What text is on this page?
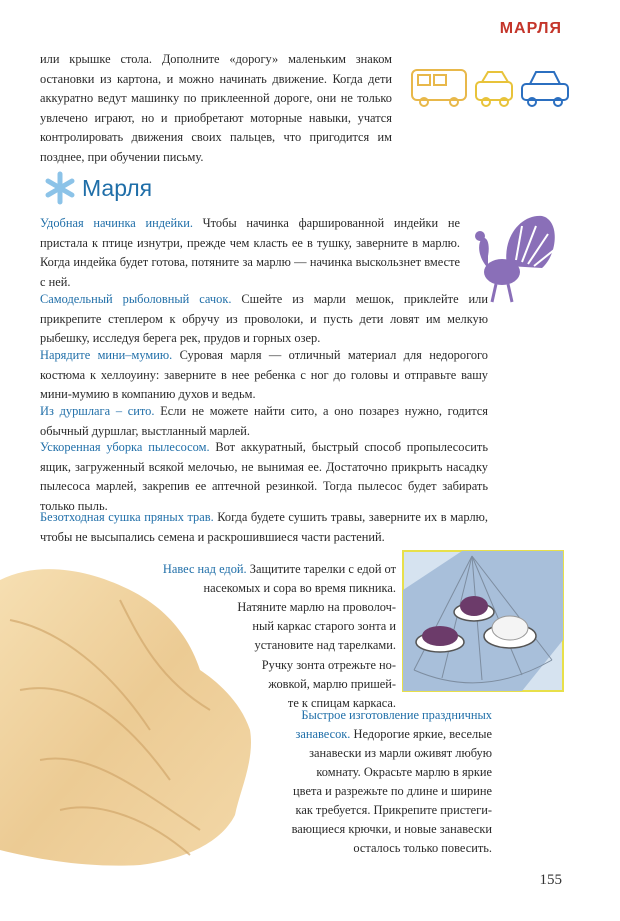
МАРЛЯ

или крышке стола. Дополните «дорогу» маленьким знаком остановки из картона, и можно начинать движение. Когда дети аккуратно ведут машинку по приклеенной дороге, они не только увлечено играют, но и приобретают моторные навыки, учатся контролировать движения своих пальцев, что пригодится им позднее, при обучении письму.

Марля

Удобная начинка индейки. Чтобы начинка фаршированной индейки не пристала к птице изнутри, прежде чем класть ее в тушку, заверните в марлю. Когда индейка будет готова, потяните за марлю — начинка выскользнет вместе с ней.

Самодельный рыболовный сачок. Сшейте из марли мешок, приклейте или прикрепите степлером к обручу из проволоки, и пусть дети ловят им мелкую рыбешку, исследуя берега рек, прудов и горных озер.

Нарядите мини–мумию. Суровая марля — отличный материал для недорогого костюма к хеллоуину: заверните в нее ребенка с ног до головы и отправьте вашу мини-мумию в компанию духов и ведьм.

Из дуршлага – сито. Если не можете найти сито, а оно позарез нужно, годится обычный дуршлаг, выстланный марлей.

Ускоренная уборка пылесосом. Вот аккуратный, быстрый способ пропылесосить ящик, загруженный всякой мелочью, не вынимая ее. Достаточно прикрыть насадку пылесоса марлей, закрепив ее аптечной резинкой. Тогда пылесос будет забирать только пыль.

Безотходная сушка пряных трав. Когда будете сушить травы, заверните их в марлю, чтобы не высыпались семена и раскрошившиеся части растений.

Навес над едой. Защитите тарелки с едой от
насекомых и сора во время пикника.
Натяните марлю на проволоч-
ный каркас старого зонта и
установите над тарелками.
Ручку зонта отрежьте но-
жовкой, марлю пришей-
те к спицам каркаса.
Быстрое изготовление праздничных
занавесок. Недорогие яркие, веселые
занавески из марли оживят любую
комнату. Окрасьте марлю в яркие
цвета и разрежьте по длине и ширине
как требуется. Прикрепите пристеги-
вающиеся крючки, и новые занавески
осталось только повесить.
155
